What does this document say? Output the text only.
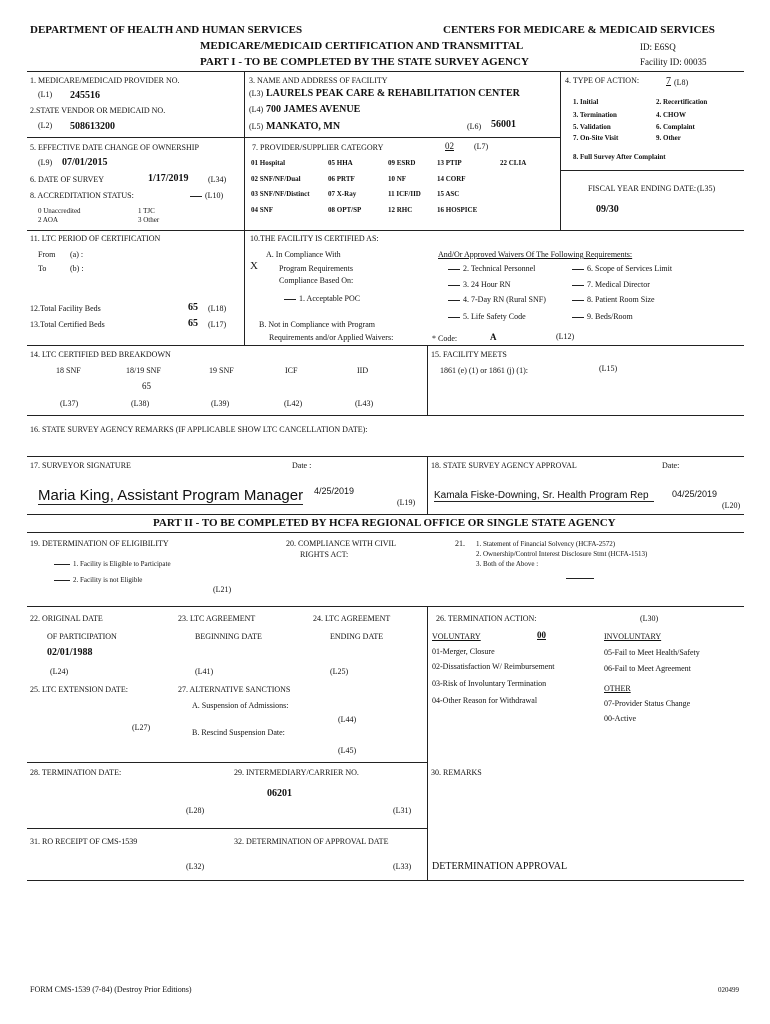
DEPARTMENT OF HEALTH AND HUMAN SERVICES	CENTERS FOR MEDICARE & MEDICAID SERVICES
MEDICARE/MEDICAID CERTIFICATION AND TRANSMITTAL
PART I - TO BE COMPLETED BY THE STATE SURVEY AGENCY
ID: E6SQ
Facility ID: 00035
1. MEDICARE/MEDICAID PROVIDER NO.
(L1) 245516
2.STATE VENDOR OR MEDICAID NO.
(L2) 508613200
3. NAME AND ADDRESS OF FACILITY
(L3) LAURELS PEAK CARE & REHABILITATION CENTER
(L4) 700 JAMES AVENUE
(L5) MANKATO, MN	(L6) 56001
4. TYPE OF ACTION:	7 (L8)
1. Initial	2. Recertification
3. Termination	4. CHOW
5. Validation	6. Complaint
7. On-Site Visit	9. Other
8. Full Survey After Complaint
5. EFFECTIVE DATE CHANGE OF OWNERSHIP
(L9) 07/01/2015
6. DATE OF SURVEY	1/17/2019 (L34)
8. ACCREDITATION STATUS:	(L10)
0 Unaccredited	1 TJC
2 AOA	3 Other
7. PROVIDER/SUPPLIER CATEGORY	02	(L7)
01 Hospital	05 HHA	09 ESRD	13 PTIP	22 CLIA
02 SNF/NF/Dual	06 PRTF	10 NF	14 CORF
03 SNF/NF/Distinct	07 X-Ray	11 ICF/IID 15 ASC
04 SNF	08 OPT/SP	12 RHC	16 HOSPICE
FISCAL YEAR ENDING DATE: (L35)
09/30
11. LTC PERIOD OF CERTIFICATION
From (a) :
To	(b) :
12.Total Facility Beds	65 (L18)
13.Total Certified Beds	65 (L17)
10.THE FACILITY IS CERTIFIED AS:
A. In Compliance With
X	Program Requirements
Compliance Based On:
1. Acceptable POC
B. Not in Compliance with Program
Requirements and/or Applied Waivers:
And/Or Approved Waivers Of The Following Requirements:
2. Technical Personnel
3. 24 Hour RN
4. 7-Day RN (Rural SNF)
5. Life Safety Code
6. Scope of Services Limit
7. Medical Director
8. Patient Room Size
9. Beds/Room
* Code:	A	(L12)
14. LTC CERTIFIED BED BREAKDOWN
18 SNF	18/19 SNF	19 SNF	ICF	IID
65
(L37)	(L38)	(L39)	(L42)	(L43)
15. FACILITY MEETS
1861 (e) (1) or 1861 (j) (1):	(L15)
16. STATE SURVEY AGENCY REMARKS (IF APPLICABLE SHOW LTC CANCELLATION DATE):
17. SURVEYOR SIGNATURE	Date :
Maria King, Assistant Program Manager 4/25/2019
(L19)
18. STATE SURVEY AGENCY APPROVAL	Date:
Kamala Fiske-Downing, Sr. Health Program Rep	04/25/2019
(L20)
PART II - TO BE COMPLETED BY HCFA REGIONAL OFFICE OR SINGLE STATE AGENCY
19. DETERMINATION OF ELIGIBILITY
1. Facility is Eligible to Participate
2. Facility is not Eligible
(L21)
20. COMPLIANCE WITH CIVIL
RIGHTS ACT:
21. 1. Statement of Financial Solvency (HCFA-2572)
2. Ownership/Control Interest Disclosure Stmt (HCFA-1513)
3. Both of the Above :
22. ORIGINAL DATE
OF PARTICIPATION
02/01/1988
(L24)
23. LTC AGREEMENT
BEGINNING DATE
(L41)
24. LTC AGREEMENT
ENDING DATE
(L25)
25. LTC EXTENSION DATE:
(L27)
27. ALTERNATIVE SANCTIONS
A. Suspension of Admissions:
(L44)
B. Rescind Suspension Date:
(L45)
26. TERMINATION ACTION:	(L30)
VOLUNTARY	00
01-Merger, Closure
02-Dissatisfaction W/ Reimbursement
03-Risk of Involuntary Termination
04-Other Reason for Withdrawal
INVOLUNTARY
05-Fail to Meet Health/Safety
06-Fail to Meet Agreement
OTHER
07-Provider Status Change
00-Active
28. TERMINATION DATE:
(L28)
29. INTERMEDIARY/CARRIER NO.
06201
(L31)
30. REMARKS
DETERMINATION APPROVAL
31. RO RECEIPT OF CMS-1539
(L32)
32. DETERMINATION OF APPROVAL DATE
(L33)
FORM CMS-1539 (7-84) (Destroy Prior Editions)	020499
